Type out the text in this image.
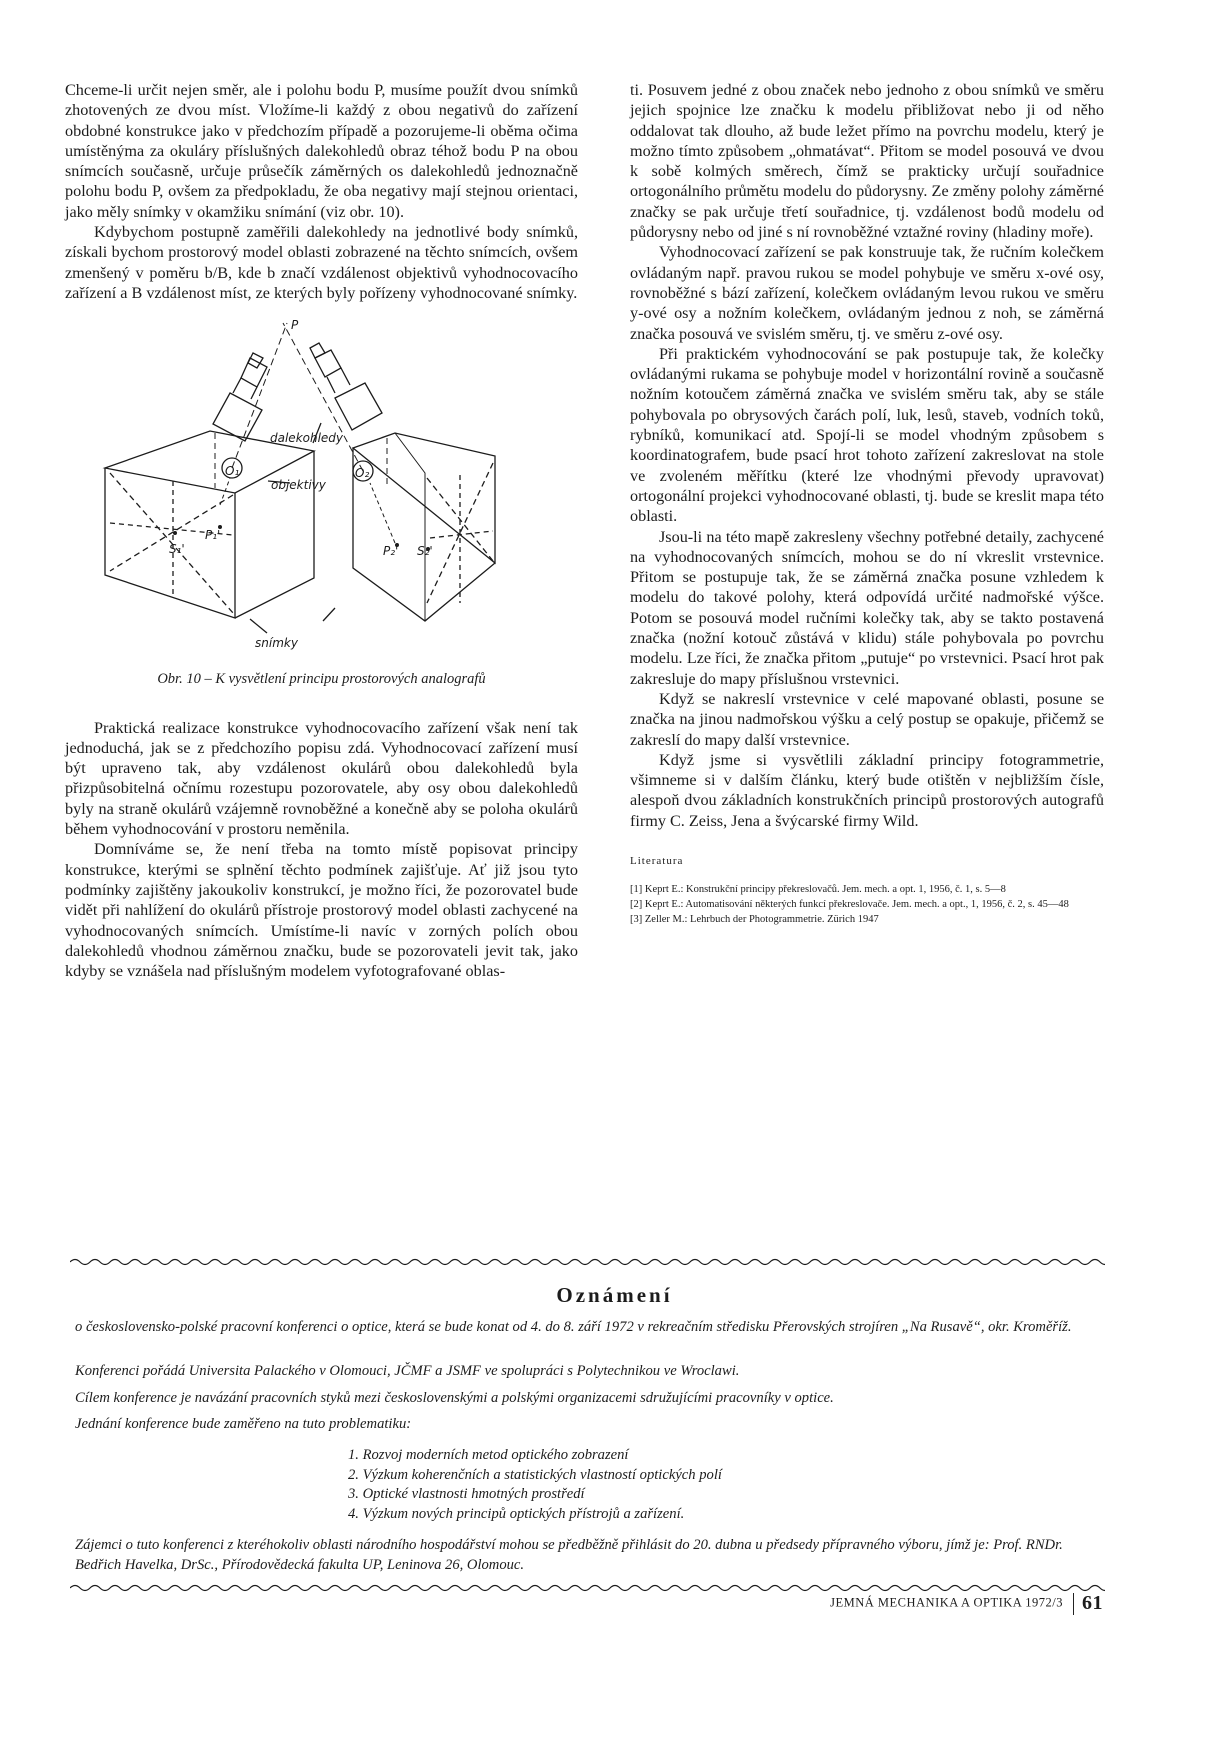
Chceme-li určit nejen směr, ale i polohu bodu P, musíme použít dvou snímků zhotovených ze dvou míst. Vložíme-li každý z obou negativů do zařízení obdobné konstrukce jako v předchozím případě a pozorujeme-li oběma očima umístěnýma za okuláry příslušných dalekohledů obraz téhož bodu P na obou snímcích současně, určuje průsečík záměrných os dalekohledů jednoznačně polohu bodu P, ovšem za předpokladu, že oba negativy mají stejnou orientaci, jako měly snímky v okamžiku snímání (viz obr. 10).

Kdybychom postupně zaměřili dalekohledy na jednotlivé body snímků, získali bychom prostorový model oblasti zobrazené na těchto snímcích, ovšem zmenšený v poměru b/B, kde b značí vzdálenost objektivů vyhodnocovacího zařízení a B vzdálenost míst, ze kterých byly pořízeny vyhodnocované snímky.

P
dalekohledy
objektivy
O₁	O₂
P₁'
S₁'	P₂' S₂'
snímky
Obr. 10 – K vysvětlení principu prostorových analografů

Praktická realizace konstrukce vyhodnocovacího zařízení však není tak jednoduchá, jak se z předchozího popisu zdá. Vyhodnocovací zařízení musí být upraveno tak, aby vzdálenost okulárů obou dalekohledů byla přizpůsobitelná očnímu rozestupu pozorovatele, aby osy obou dalekohledů byly na straně okulárů vzájemně rovnoběžné a konečně aby se poloha okulárů během vyhodnocování v prostoru neměnila.

Domníváme se, že není třeba na tomto místě popisovat principy konstrukce, kterými se splnění těchto podmínek zajišťuje. Ať již jsou tyto podmínky zajištěny jakoukoliv konstrukcí, je možno říci, že pozorovatel bude vidět při nahlížení do okulárů přístroje prostorový model oblasti zachycené na vyhodnocovaných snímcích. Umístíme-li navíc v zorných polích obou dalekohledů vhodnou záměrnou značku, bude se pozorovateli jevit tak, jako kdyby se vznášela nad příslušným modelem vyfotografované oblas-

ti. Posuvem jedné z obou značek nebo jednoho z obou snímků ve směru jejich spojnice lze značku k modelu přibližovat nebo ji od něho oddalovat tak dlouho, až bude ležet přímo na povrchu modelu, který je možno tímto způsobem „ohmatávat“. Přitom se model posouvá ve dvou k sobě kolmých směrech, čímž se prakticky určují souřadnice ortogonálního průmětu modelu do půdorysny. Ze změny polohy záměrné značky se pak určuje třetí souřadnice, tj. vzdálenost bodů modelu od půdorysny nebo od jiné s ní rovnoběžné vztažné roviny (hladiny moře).

Vyhodnocovací zařízení se pak konstruuje tak, že ručním kolečkem ovládaným např. pravou rukou se model pohybuje ve směru x-ové osy, rovnoběžné s bází zařízení, kolečkem ovládaným levou rukou ve směru y-ové osy a nožním kolečkem, ovládaným jednou z noh, se záměrná značka posouvá ve svislém směru, tj. ve směru z-ové osy.

Při praktickém vyhodnocování se pak postupuje tak, že kolečky ovládanými rukama se pohybuje model v horizontální rovině a současně nožním kotoučem záměrná značka ve svislém směru tak, aby se stále pohybovala po obrysových čarách polí, luk, lesů, staveb, vodních toků, rybníků, komunikací atd. Spojí-li se model vhodným způsobem s koordinatografem, bude psací hrot tohoto zařízení zakreslovat na stole ve zvoleném měřítku (které lze vhodnými převody upravovat) ortogonální projekci vyhodnocované oblasti, tj. bude se kreslit mapa této oblasti.

Jsou-li na této mapě zakresleny všechny potřebné detaily, zachycené na vyhodnocovaných snímcích, mohou se do ní vkreslit vrstevnice. Přitom se postupuje tak, že se záměrná značka posune vzhledem k modelu do takové polohy, která odpovídá určité nadmořské výšce. Potom se posouvá model ručními kolečky tak, aby se takto postavená značka (nožní kotouč zůstává v klidu) stále pohybovala po povrchu modelu. Lze říci, že značka přitom „putuje“ po vrstevnici. Psací hrot pak zakresluje do mapy příslušnou vrstevnici.

Když se nakreslí vrstevnice v celé mapované oblasti, posune se značka na jinou nadmořskou výšku a celý postup se opakuje, přičemž se zakreslí do mapy další vrstevnice.

Když jsme si vysvětlili základní principy fotogrammetrie, všimneme si v dalším článku, který bude otištěn v nejbližším čísle, alespoň dvou základních konstrukčních principů prostorových autografů firmy C. Zeiss, Jena a švýcarské firmy Wild.

Literatura
[1] Keprt E.: Konstrukční principy překreslovačů. Jem. mech. a opt. 1, 1956, č. 1, s. 5—8
[2] Keprt E.: Automatisování některých funkcí překreslovače. Jem. mech. a opt., 1, 1956, č. 2, s. 45—48
[3] Zeller M.: Lehrbuch der Photogrammetrie. Zürich 1947
Oznámení
o československo-polské pracovní konferenci o optice, která se bude konat od 4. do 8. září 1972 v rekreačním středisku Přerovských strojíren „Na Rusavě“, okr. Kroměříž.
Konferenci pořádá Universita Palackého v Olomouci, JČMF a JSMF ve spolupráci s Polytechnikou ve Wroclawi.
Cílem konference je navázání pracovních styků mezi československými a polskými organizacemi sdružujícími pracovníky v optice.
Jednání konference bude zaměřeno na tuto problematiku:
1. Rozvoj moderních metod optického zobrazení
2. Výzkum koherenčních a statistických vlastností optických polí
3. Optické vlastnosti hmotných prostředí
4. Výzkum nových principů optických přístrojů a zařízení.
Zájemci o tuto konferenci z kteréhokoliv oblasti národního hospodářství mohou se předběžně přihlásit do 20. dubna u předsedy přípravného výboru, jímž je: Prof. RNDr. Bedřich Havelka, DrSc., Přírodovědecká fakulta UP, Leninova 26, Olomouc.
JEMNÁ MECHANIKA A OPTIKA 1972/3 61
